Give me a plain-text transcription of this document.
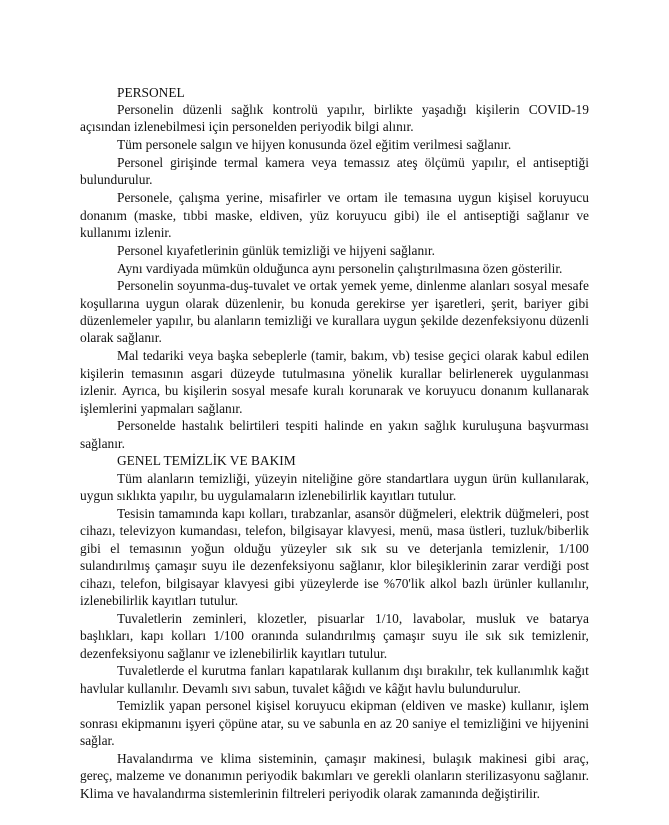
PERSONEL
Personelin düzenli sağlık kontrolü yapılır, birlikte yaşadığı kişilerin COVID-19
açısından izlenebilmesi için personelden periyodik bilgi alınır.
Tüm personele salgın ve hijyen konusunda özel eğitim verilmesi sağlanır.
Personel girişinde termal kamera veya temassız ateş ölçümü yapılır, el antiseptiği
bulundurulur.
Personele, çalışma yerine, misafirler ve ortam ile temasına uygun kişisel koruyucu
donanım (maske, tıbbi maske, eldiven, yüz koruyucu gibi) ile el antiseptiği sağlanır ve
kullanımı izlenir.
Personel kıyafetlerinin günlük temizliği ve hijyeni sağlanır.
Aynı vardiyada mümkün olduğunca aynı personelin çalıştırılmasına özen gösterilir.
Personelin soyunma-duş-tuvalet ve ortak yemek yeme, dinlenme alanları sosyal mesafe
koşullarına uygun olarak düzenlenir, bu konuda gerekirse yer işaretleri, şerit, bariyer gibi
düzenlemeler yapılır, bu alanların temizliği ve kurallara uygun şekilde dezenfeksiyonu düzenli
olarak sağlanır.
Mal tedariki veya başka sebeplerle (tamir, bakım, vb) tesise geçici olarak kabul edilen
kişilerin temasının asgari düzeyde tutulmasına yönelik kurallar belirlenerek uygulanması
izlenir. Ayrıca, bu kişilerin sosyal mesafe kuralı korunarak ve koruyucu donanım kullanarak
işlemlerini yapmaları sağlanır.
Personelde hastalık belirtileri tespiti halinde en yakın sağlık kuruluşuna başvurması
sağlanır.
GENEL TEMİZLİK VE BAKIM
Tüm alanların temizliği, yüzeyin niteliğine göre standartlara uygun ürün kullanılarak,
uygun sıklıkta yapılır, bu uygulamaların izlenebilirlik kayıtları tutulur.
Tesisin tamamında kapı kolları, tırabzanlar, asansör düğmeleri, elektrik düğmeleri, post
cihazı, televizyon kumandası, telefon, bilgisayar klavyesi, menü, masa üstleri, tuzluk/biberlik
gibi el temasının yoğun olduğu yüzeyler sık sık su ve deterjanla temizlenir, 1/100
sulandırılmış çamaşır suyu ile dezenfeksiyonu sağlanır, klor bileşiklerinin zarar verdiği post
cihazı, telefon, bilgisayar klavyesi gibi yüzeylerde ise %70'lik alkol bazlı ürünler kullanılır,
izlenebilirlik kayıtları tutulur.
Tuvaletlerin zeminleri, klozetler, pisuarlar 1/10, lavabolar, musluk ve batarya
başlıkları, kapı kolları 1/100 oranında sulandırılmış çamaşır suyu ile sık sık temizlenir,
dezenfeksiyonu sağlanır ve izlenebilirlik kayıtları tutulur.
Tuvaletlerde el kurutma fanları kapatılarak kullanım dışı bırakılır, tek kullanımlık kağıt
havlular kullanılır. Devamlı sıvı sabun, tuvalet kâğıdı ve kâğıt havlu bulundurulur.
Temizlik yapan personel kişisel koruyucu ekipman (eldiven ve maske) kullanır, işlem
sonrası ekipmanını işyeri çöpüne atar, su ve sabunla en az 20 saniye el temizliğini ve hijyenini
sağlar.
Havalandırma ve klima sisteminin, çamaşır makinesi, bulaşık makinesi gibi araç,
gereç, malzeme ve donanımın periyodik bakımları ve gerekli olanların sterilizasyonu sağlanır.
Klima ve havalandırma sistemlerinin filtreleri periyodik olarak zamanında değiştirilir.
